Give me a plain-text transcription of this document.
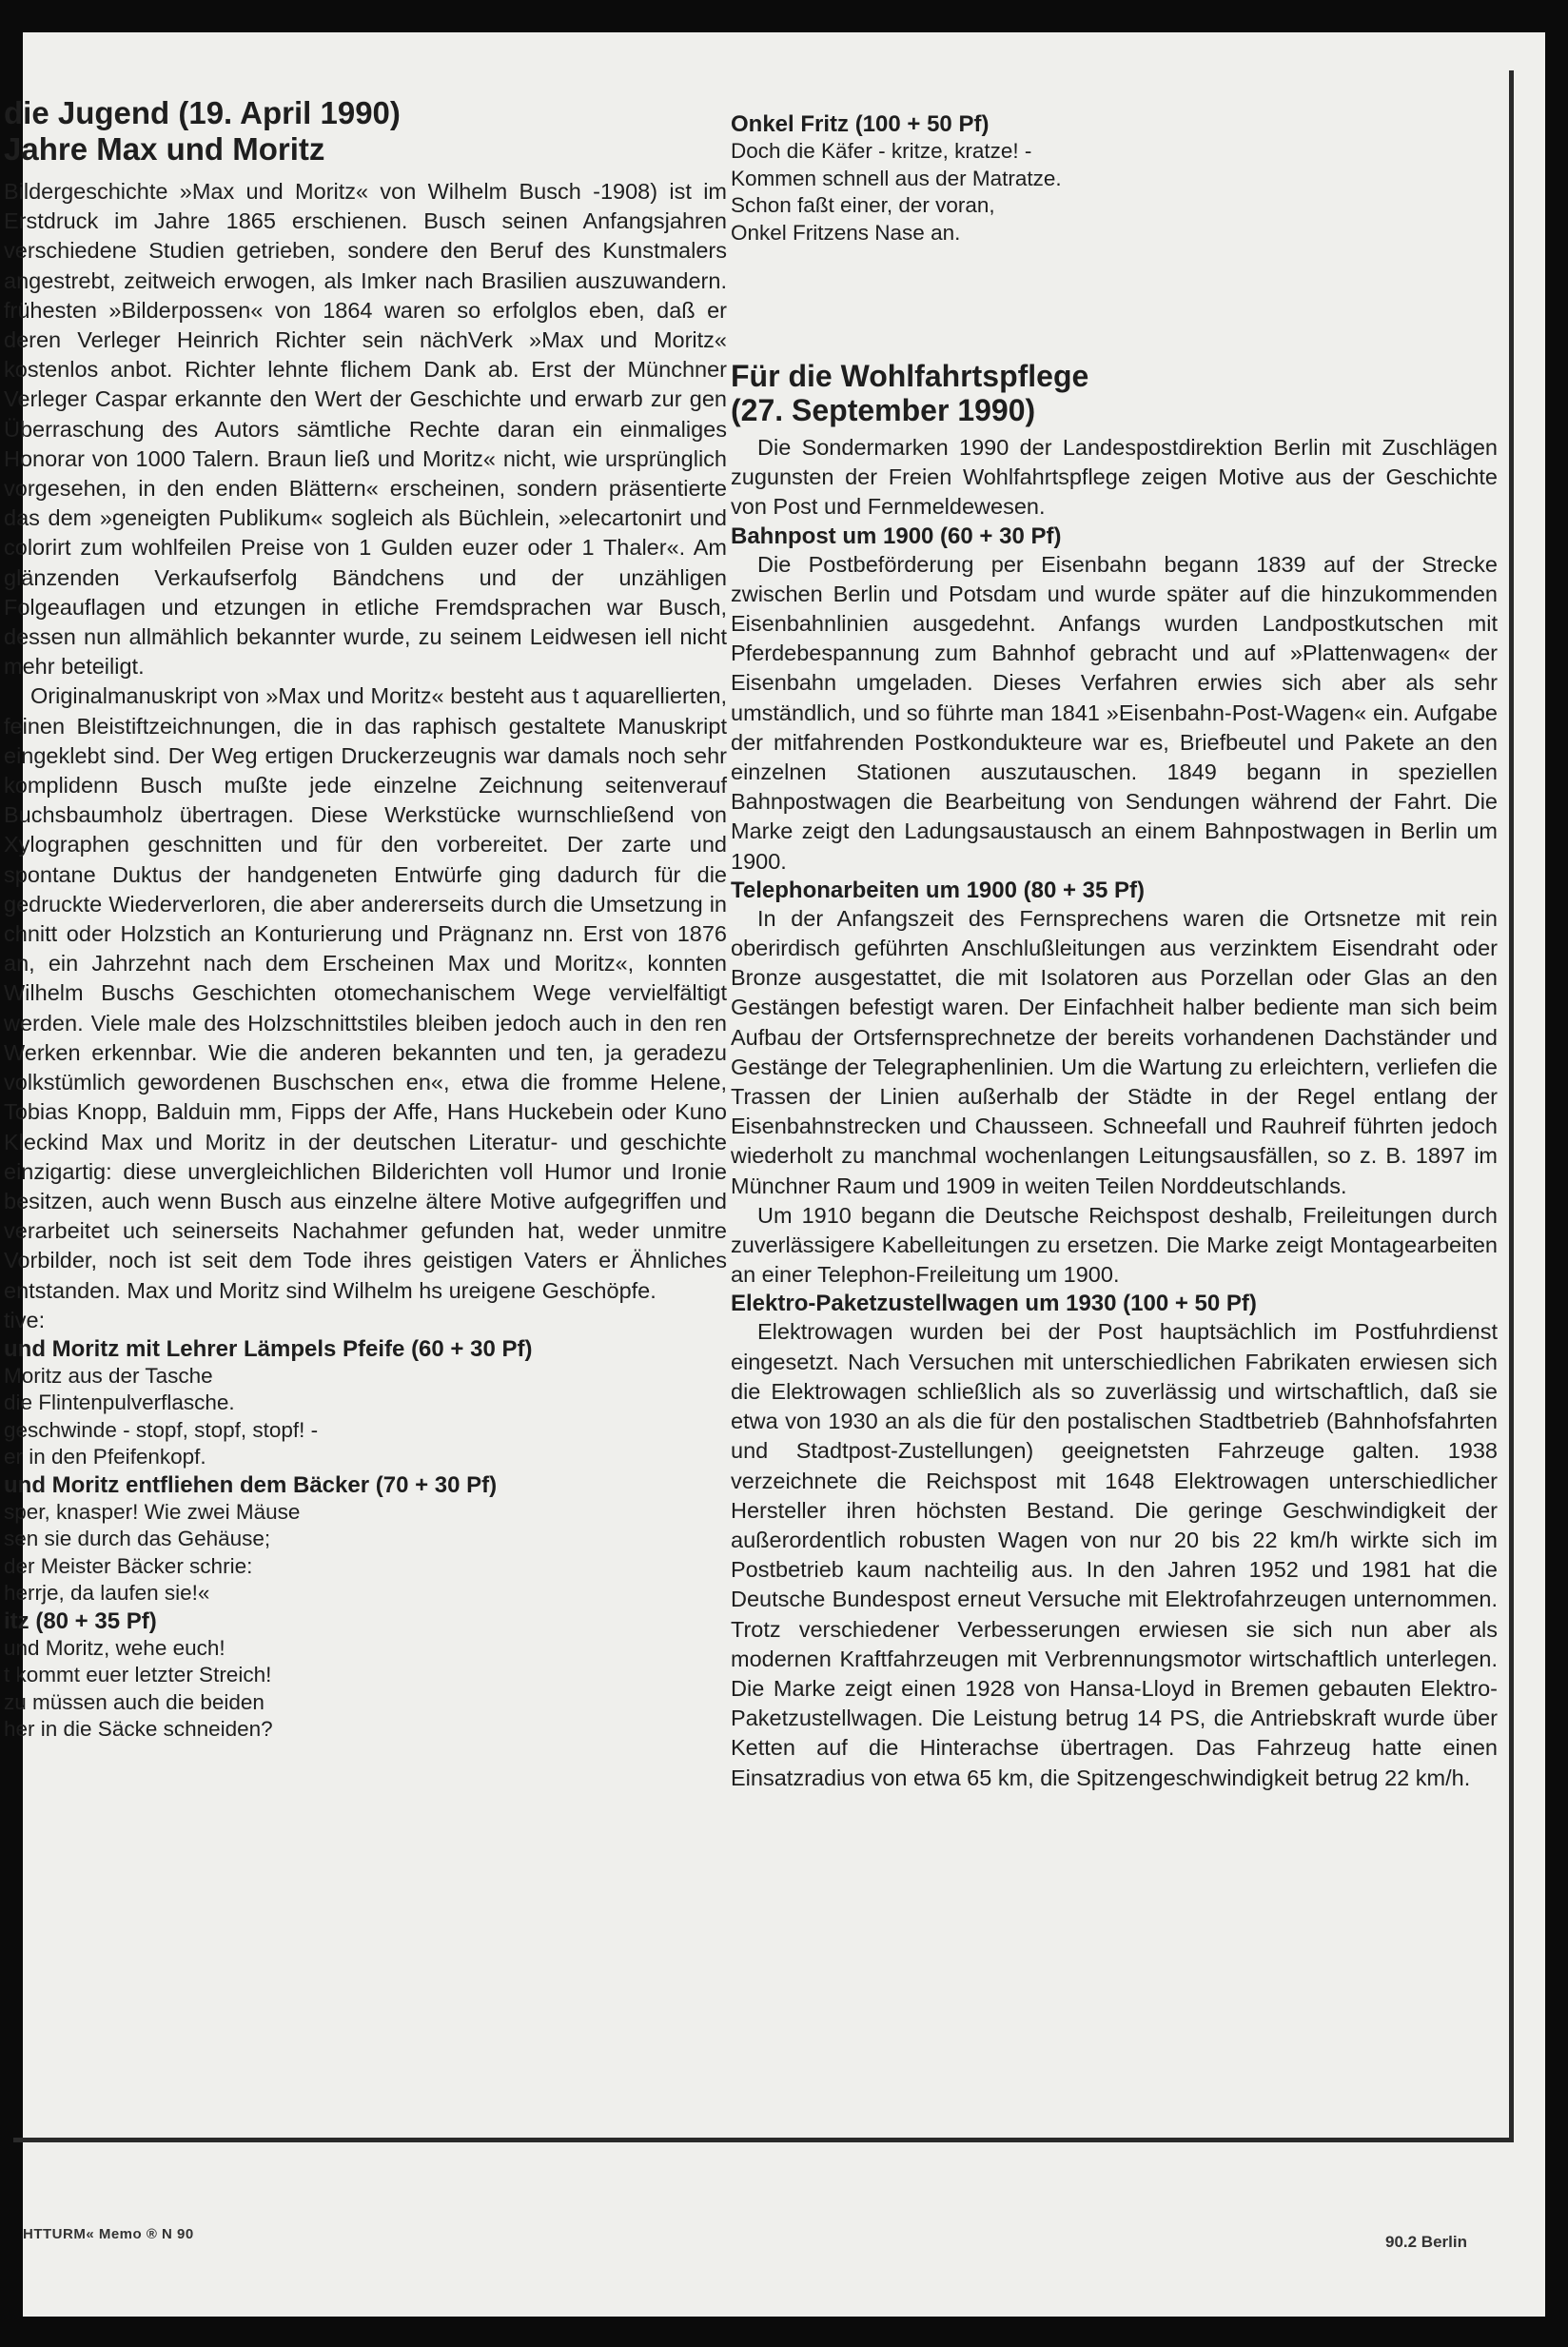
die Jugend (19. April 1990)
Jahre Max und Moritz

Bildergeschichte »Max und Moritz« von Wilhelm Busch -1908) ist im Erstdruck im Jahre 1865 erschienen. Busch seinen Anfangsjahren verschiedene Studien getrieben, sondere den Beruf des Kunstmalers angestrebt, zeitweich erwogen, als Imker nach Brasilien auszuwandern. frühesten »Bilderpossen« von 1864 waren so erfolglos eben, daß er deren Verleger Heinrich Richter sein nächVerk »Max und Moritz« kostenlos anbot. Richter lehnte flichem Dank ab. Erst der Münchner Verleger Caspar erkannte den Wert der Geschichte und erwarb zur gen Überraschung des Autors sämtliche Rechte daran ein einmaliges Honorar von 1000 Talern. Braun ließ und Moritz« nicht, wie ursprünglich vorgesehen, in den enden Blättern« erscheinen, sondern präsentierte das dem »geneigten Publikum« sogleich als Büchlein, »elecartonirt und colorirt zum wohlfeilen Preise von 1 Gulden euzer oder 1 Thaler«. Am glänzenden Verkaufserfolg Bändchens und der unzähligen Folgeauflagen und etzungen in etliche Fremdsprachen war Busch, dessen nun allmählich bekannter wurde, zu seinem Leidwesen iell nicht mehr beteiligt.

Originalmanuskript von »Max und Moritz« besteht aus t aquarellierten, feinen Bleistiftzeichnungen, die in das raphisch gestaltete Manuskript eingeklebt sind. Der Weg ertigen Druckerzeugnis war damals noch sehr komplidenn Busch mußte jede einzelne Zeichnung seitenverauf Buchsbaumholz übertragen. Diese Werkstücke wurnschließend von Xylographen geschnitten und für den vorbereitet. Der zarte und spontane Duktus der handgeneten Entwürfe ging dadurch für die gedruckte Wiederverloren, die aber andererseits durch die Umsetzung in chnitt oder Holzstich an Konturierung und Prägnanz nn. Erst von 1876 an, ein Jahrzehnt nach dem Erscheinen Max und Moritz«, konnten Wilhelm Buschs Geschichten otomechanischem Wege vervielfältigt werden. Viele male des Holzschnittstiles bleiben jedoch auch in den ren Werken erkennbar. Wie die anderen bekannten und ten, ja geradezu volkstümlich gewordenen Buschschen en«, etwa die fromme Helene, Tobias Knopp, Balduin mm, Fipps der Affe, Hans Huckebein oder Kuno Kleckind Max und Moritz in der deutschen Literatur- und geschichte einzigartig: diese unvergleichlichen Bilderichten voll Humor und Ironie besitzen, auch wenn Busch aus einzelne ältere Motive aufgegriffen und verarbeitet uch seinerseits Nachahmer gefunden hat, weder unmitre Vorbilder, noch ist seit dem Tode ihres geistigen Vaters er Ähnliches entstanden. Max und Moritz sind Wilhelm hs ureigene Geschöpfe.

tive:

und Moritz mit Lehrer Lämpels Pfeife (60 + 30 Pf)

Moritz aus der Tasche

die Flintenpulverflasche.

geschwinde - stopf, stopf, stopf! -

er in den Pfeifenkopf.

und Moritz entfliehen dem Bäcker (70 + 30 Pf)

sper, knasper! Wie zwei Mäuse

sen sie durch das Gehäuse;

der Meister Bäcker schrie:

herrje, da laufen sie!«

itz (80 + 35 Pf)

und Moritz, wehe euch!

t kommt euer letzter Streich!

zu müssen auch die beiden

her in die Säcke schneiden?

Onkel Fritz (100 + 50 Pf)

Doch die Käfer - kritze, kratze! -

Kommen schnell aus der Matratze.

Schon faßt einer, der voran,

Onkel Fritzens Nase an.

Für die Wohlfahrtspflege
(27. September 1990)

Die Sondermarken 1990 der Landespostdirektion Berlin mit Zuschlägen zugunsten der Freien Wohlfahrtspflege zeigen Motive aus der Geschichte von Post und Fernmeldewesen.

Bahnpost um 1900 (60 + 30 Pf)

Die Postbeförderung per Eisenbahn begann 1839 auf der Strecke zwischen Berlin und Potsdam und wurde später auf die hinzukommenden Eisenbahnlinien ausgedehnt. Anfangs wurden Landpostkutschen mit Pferdebespannung zum Bahnhof gebracht und auf »Plattenwagen« der Eisenbahn umgeladen. Dieses Verfahren erwies sich aber als sehr umständlich, und so führte man 1841 »Eisenbahn-Post-Wagen« ein. Aufgabe der mitfahrenden Postkondukteure war es, Briefbeutel und Pakete an den einzelnen Stationen auszutauschen. 1849 begann in speziellen Bahnpostwagen die Bearbeitung von Sendungen während der Fahrt. Die Marke zeigt den Ladungsaustausch an einem Bahnpostwagen in Berlin um 1900.

Telephonarbeiten um 1900 (80 + 35 Pf)

In der Anfangszeit des Fernsprechens waren die Ortsnetze mit rein oberirdisch geführten Anschlußleitungen aus verzinktem Eisendraht oder Bronze ausgestattet, die mit Isolatoren aus Porzellan oder Glas an den Gestängen befestigt waren. Der Einfachheit halber bediente man sich beim Aufbau der Ortsfernsprechnetze der bereits vorhandenen Dachständer und Gestänge der Telegraphenlinien. Um die Wartung zu erleichtern, verliefen die Trassen der Linien außerhalb der Städte in der Regel entlang der Eisenbahnstrecken und Chausseen. Schneefall und Rauhreif führten jedoch wiederholt zu manchmal wochenlangen Leitungsausfällen, so z. B. 1897 im Münchner Raum und 1909 in weiten Teilen Norddeutschlands.

Um 1910 begann die Deutsche Reichspost deshalb, Freileitungen durch zuverlässigere Kabelleitungen zu ersetzen. Die Marke zeigt Montagearbeiten an einer Telephon-Freileitung um 1900.

Elektro-Paketzustellwagen um 1930 (100 + 50 Pf)

Elektrowagen wurden bei der Post hauptsächlich im Postfuhrdienst eingesetzt. Nach Versuchen mit unterschiedlichen Fabrikaten erwiesen sich die Elektrowagen schließlich als so zuverlässig und wirtschaftlich, daß sie etwa von 1930 an als die für den postalischen Stadtbetrieb (Bahnhofsfahrten und Stadtpost-Zustellungen) geeignetsten Fahrzeuge galten. 1938 verzeichnete die Reichspost mit 1648 Elektrowagen unterschiedlicher Hersteller ihren höchsten Bestand. Die geringe Geschwindigkeit der außerordentlich robusten Wagen von nur 20 bis 22 km/h wirkte sich im Postbetrieb kaum nachteilig aus. In den Jahren 1952 und 1981 hat die Deutsche Bundespost erneut Versuche mit Elektrofahrzeugen unternommen. Trotz verschiedener Verbesserungen erwiesen sie sich nun aber als modernen Kraftfahrzeugen mit Verbrennungsmotor wirtschaftlich unterlegen. Die Marke zeigt einen 1928 von Hansa-Lloyd in Bremen gebauten Elektro-Paketzustellwagen. Die Leistung betrug 14 PS, die Antriebskraft wurde über Ketten auf die Hinterachse übertragen. Das Fahrzeug hatte einen Einsatzradius von etwa 65 km, die Spitzengeschwindigkeit betrug 22 km/h.

HTTURM« Memo ® N 90	90.2 Berlin
